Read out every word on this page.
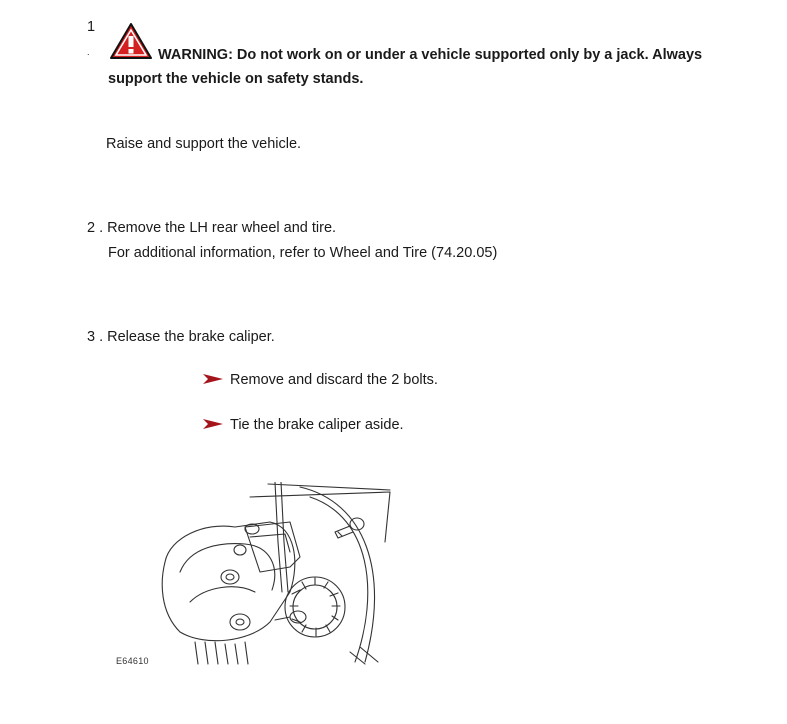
1
.	WARNING: Do not work on or under a vehicle supported only by a jack. Always
support the vehicle on safety stands.
Raise and support the vehicle.
2 . Remove the LH rear wheel and tire.
For additional information, refer to Wheel and Tire (74.20.05)
3 . Release the brake caliper.
Remove and discard the 2 bolts.
Tie the brake caliper aside.
E64610
